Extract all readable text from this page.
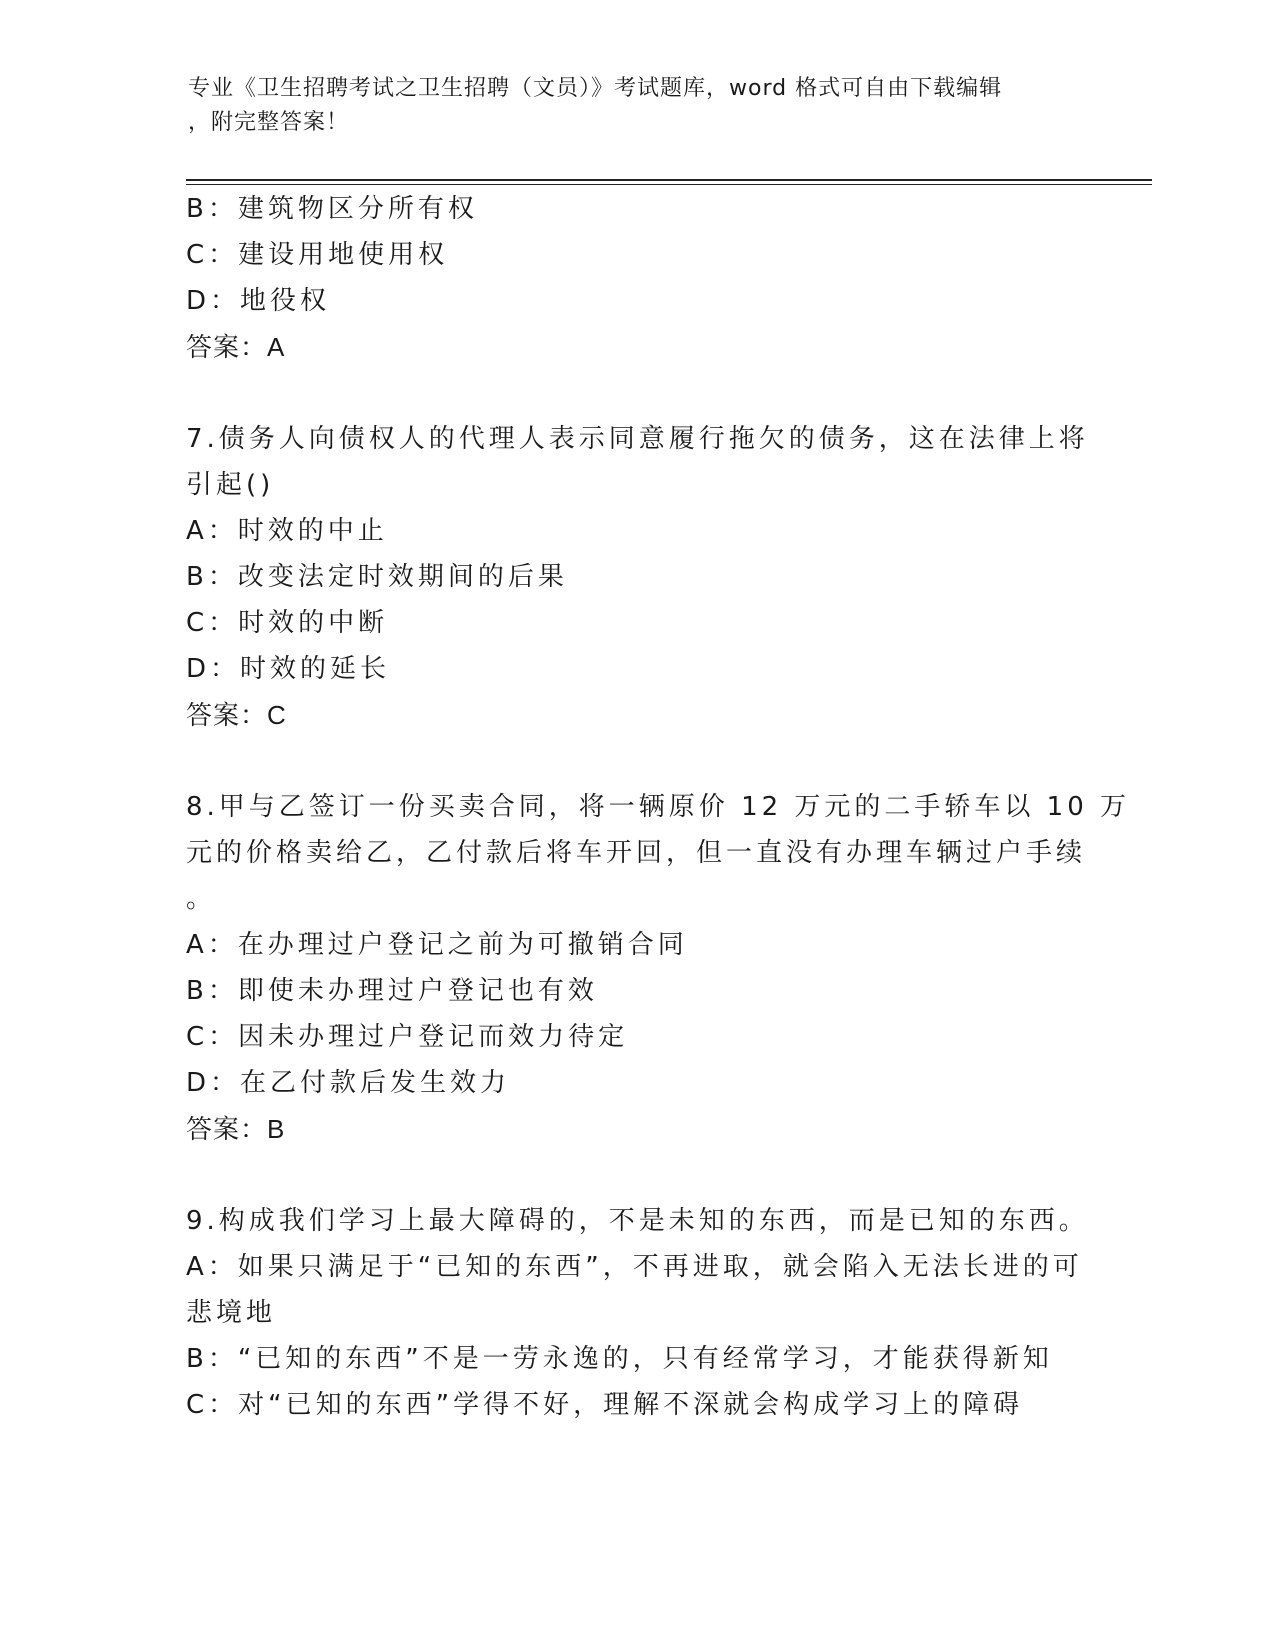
专业《卫生招聘考试之卫生招聘（文员）》考试题库，word 格式可自由下载编辑
，附完整答案！
B：建筑物区分所有权
C：建设用地使用权
D：地役权
答案：A
7.债务人向债权人的代理人表示同意履行拖欠的债务，这在法律上将
引起()
A：时效的中止
B：改变法定时效期间的后果
C：时效的中断
D：时效的延长
答案：C
8.甲与乙签订一份买卖合同，将一辆原价 12 万元的二手轿车以 10 万
元的价格卖给乙，乙付款后将车开回，但一直没有办理车辆过户手续
。
A：在办理过户登记之前为可撤销合同
B：即使未办理过户登记也有效
C：因未办理过户登记而效力待定
D：在乙付款后发生效力
答案：B
9.构成我们学习上最大障碍的，不是未知的东西，而是已知的东西。
A：如果只满足于“已知的东西”，不再进取，就会陷入无法长进的可
悲境地
B：“已知的东西”不是一劳永逸的，只有经常学习，才能获得新知
C：对“已知的东西”学得不好，理解不深就会构成学习上的障碍
